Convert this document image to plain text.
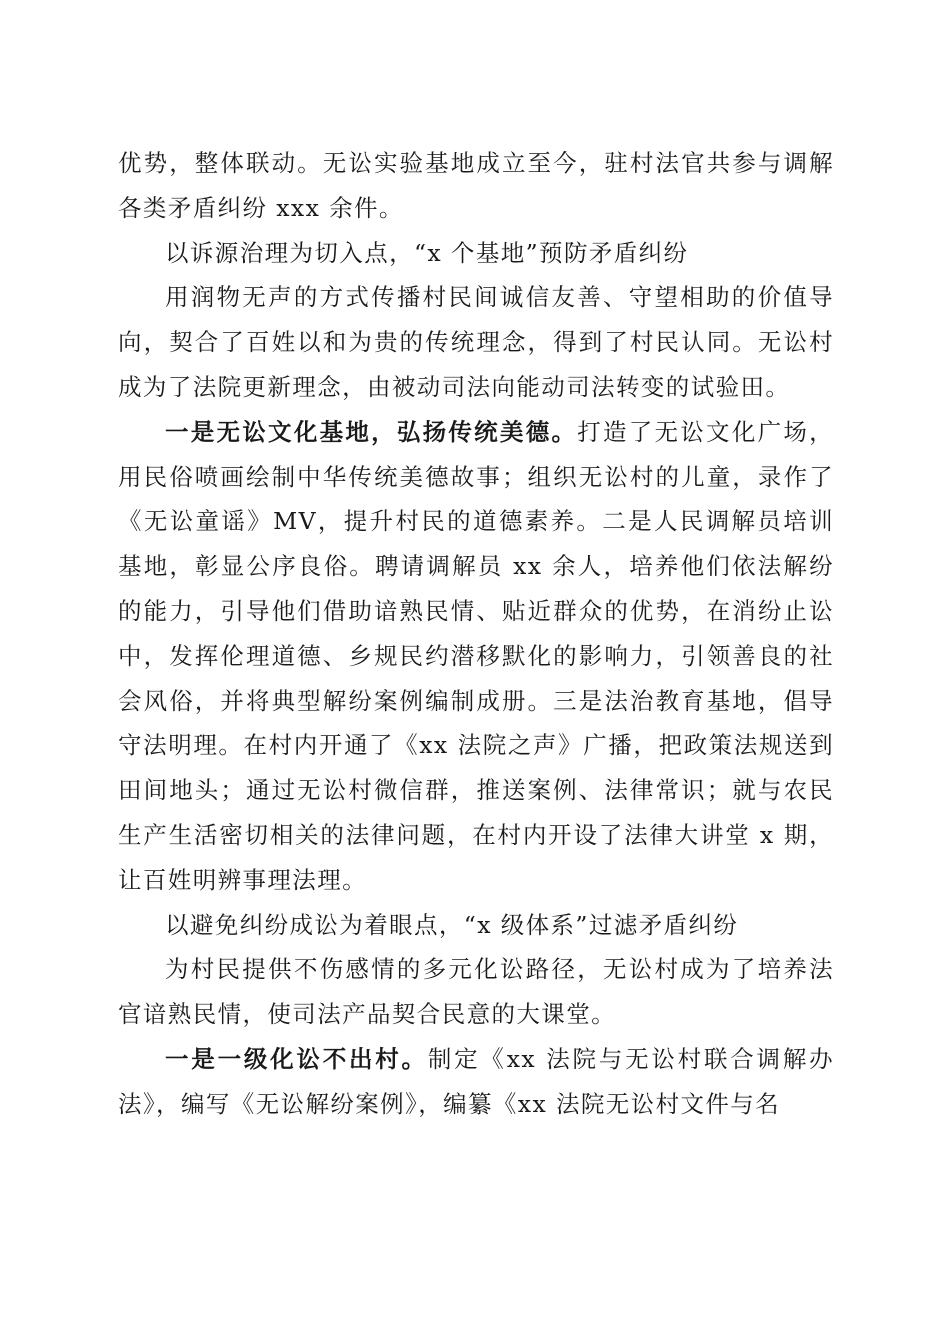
优势，整体联动。无讼实验基地成立至今，驻村法官共参与调解各类矛盾纠纷 xxx 余件。

以诉源治理为切入点，“x 个基地”预防矛盾纠纷

用润物无声的方式传播村民间诚信友善、守望相助的价值导向，契合了百姓以和为贵的传统理念，得到了村民认同。无讼村成为了法院更新理念，由被动司法向能动司法转变的试验田。

一是无讼文化基地，弘扬传统美德。打造了无讼文化广场，用民俗喷画绘制中华传统美德故事；组织无讼村的儿童，录作了《无讼童谣》MV，提升村民的道德素养。二是人民调解员培训基地，彰显公序良俗。聘请调解员 xx 余人，培养他们依法解纷的能力，引导他们借助谙熟民情、贴近群众的优势，在消纷止讼中，发挥伦理道德、乡规民约潜移默化的影响力，引领善良的社会风俗，并将典型解纷案例编制成册。三是法治教育基地，倡导守法明理。在村内开通了《xx 法院之声》广播，把政策法规送到田间地头；通过无讼村微信群，推送案例、法律常识；就与农民生产生活密切相关的法律问题，在村内开设了法律大讲堂 x 期，让百姓明辨事理法理。

以避免纠纷成讼为着眼点，“x 级体系”过滤矛盾纠纷

为村民提供不伤感情的多元化讼路径，无讼村成为了培养法官谙熟民情，使司法产品契合民意的大课堂。

一是一级化讼不出村。制定《xx 法院与无讼村联合调解办法》，编写《无讼解纷案例》，编纂《xx 法院无讼村文件与名
